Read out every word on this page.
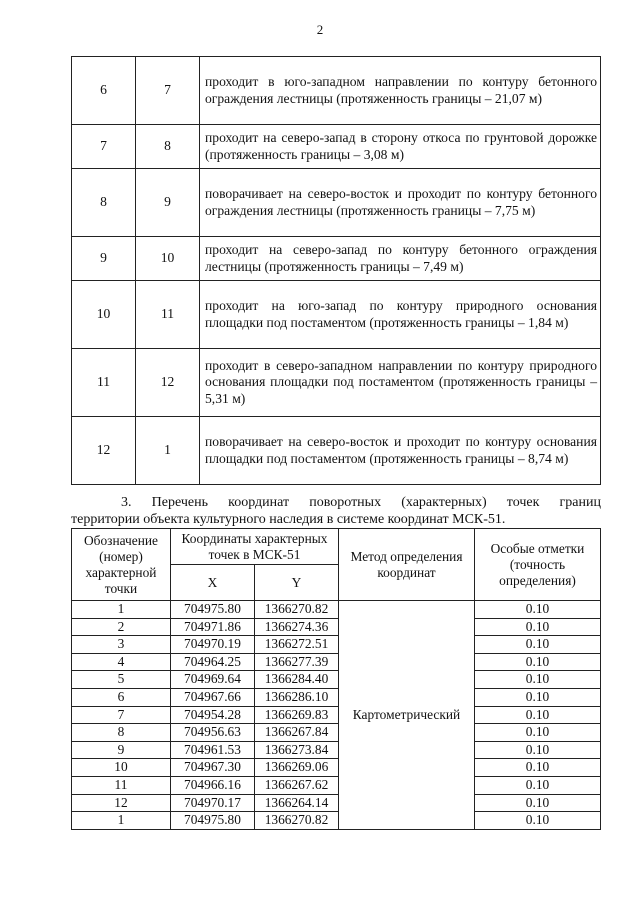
2
6	7	проходит в юго-западном направлении по контуру бетонного ограждения лестницы (протяженность границы – 21,07 м)
7	8	проходит на северо-запад в сторону откоса по грунтовой дорожке (протяженность границы – 3,08 м)
8	9	поворачивает на северо-восток и проходит по контуру бетонного ограждения лестницы (протяженность границы – 7,75 м)
9	10	проходит на северо-запад по контуру бетонного ограждения лестницы (протяженность границы – 7,49 м)
10	11	проходит на юго-запад по контуру природного основания площадки под постаментом (протяженность границы – 1,84 м)
11	12	проходит в северо-западном направлении по контуру природного основания площадки под постаментом (протяженность границы – 5,31 м)
12	1	поворачивает на северо-восток и проходит по контуру основания площадки под постаментом (протяженность границы – 8,74 м)
3. Перечень координат поворотных (характерных) точек границ
территории объекта культурного наследия в системе координат МСК-51.
Обозначение (номер) характерной точки	Координаты характерных точек в МСК-51		Метод определения координат	Особые отметки (точность определения)
	X	Y		
1	704975.80	1366270.82	Картометрический	0.10
2	704971.86	1366274.36		0.10
3	704970.19	1366272.51		0.10
4	704964.25	1366277.39		0.10
5	704969.64	1366284.40		0.10
6	704967.66	1366286.10		0.10
7	704954.28	1366269.83		0.10
8	704956.63	1366267.84		0.10
9	704961.53	1366273.84		0.10
10	704967.30	1366269.06		0.10
11	704966.16	1366267.62		0.10
12	704970.17	1366264.14		0.10
1	704975.80	1366270.82		0.10
